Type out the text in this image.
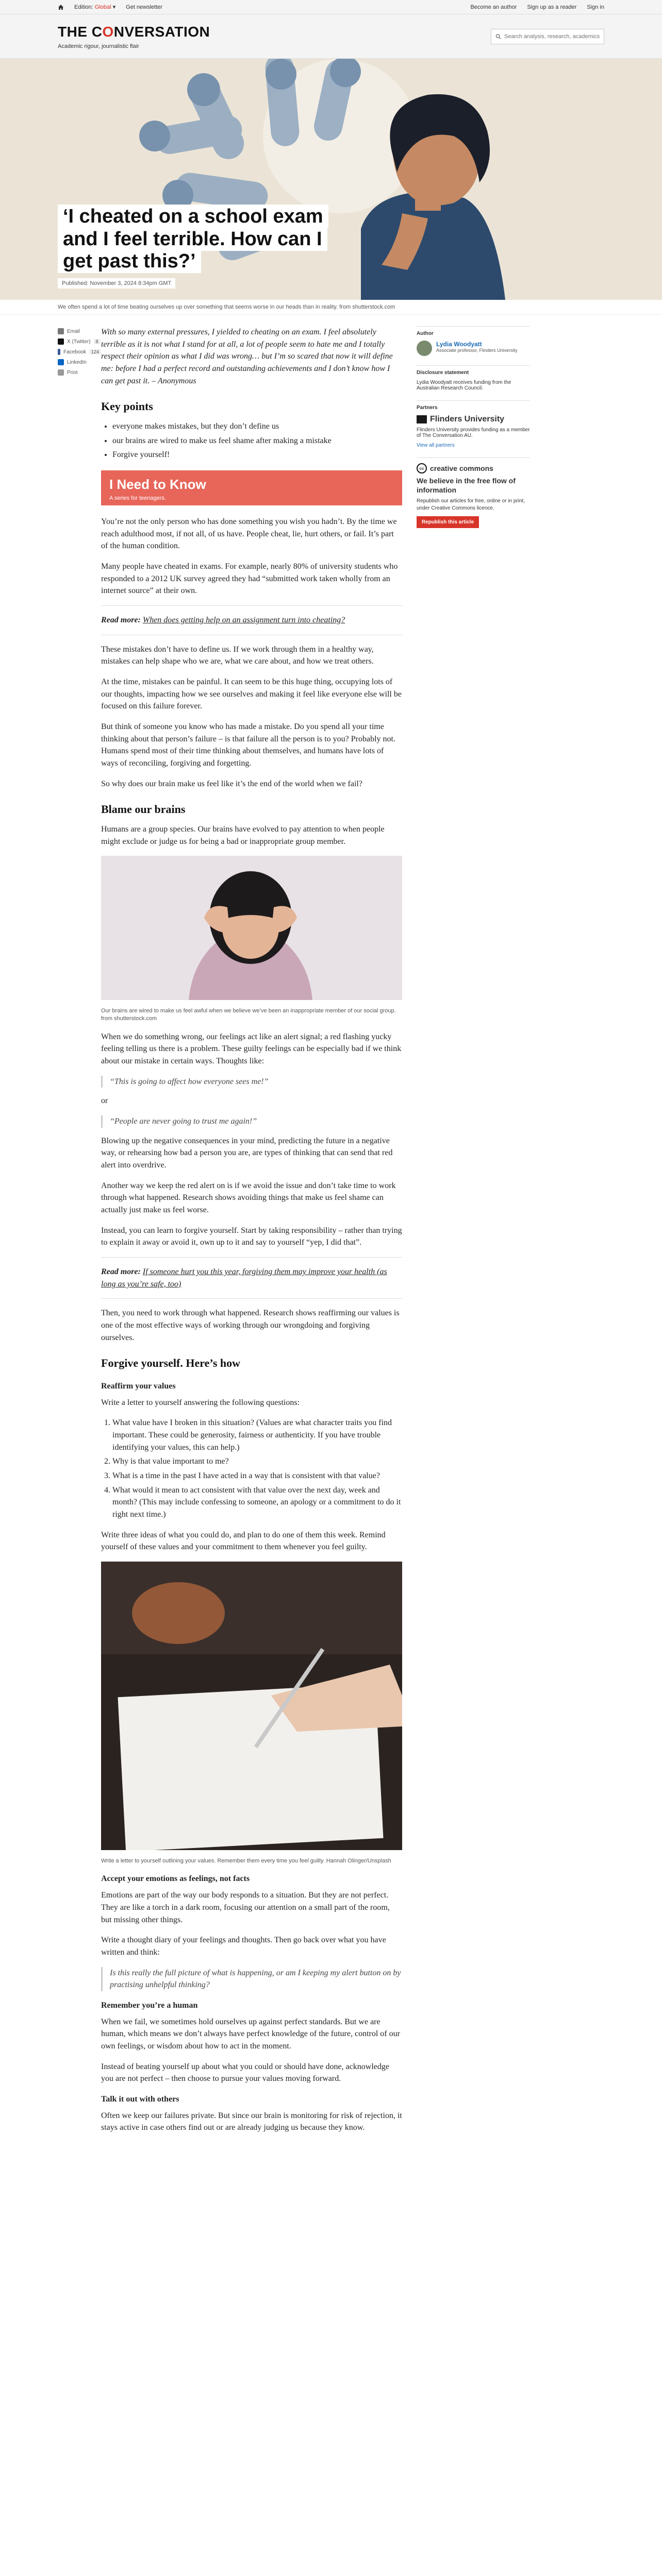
Edition: Global ▾ Get newsletter	Become an author Sign up as a reader Sign in
THE CONVERSATION
Academic rigour, journalistic flair
Search analysis, research, academics…
‘I cheated on a school exam and I feel terrible. How can I get past this?’
Published: November 3, 2024 8:34pm GMT
We often spend a lot of time beating ourselves up over something that seems worse in our heads than in reality. from shutterstock.com
Email
X (Twitter)	8
Facebook	124
LinkedIn
Print

With so many external pressures, I yielded to cheating on an exam. I feel absolutely terrible as it is not what I stand for at all, a lot of people seem to hate me and I totally respect their opinion as what I did was wrong… but I’m so scared that now it will define me: before I had a perfect record and outstanding achievements and I don’t know how I can get past it. – Anonymous

Key points
• everyone makes mistakes, but they don’t define us
• our brains are wired to make us feel shame after making a mistake
• Forgive yourself!
I Need to Know
A series for teenagers.

You’re not the only person who has done something you wish you hadn’t. By the time we reach adulthood most, if not all, of us have. People cheat, lie, hurt others, or fail. It’s part of the human condition.

Many people have cheated in exams. For example, nearly 80% of university students who responded to a 2012 UK survey agreed they had “submitted work taken wholly from an internet source” at their own.

Read more: When does getting help on an assignment turn into cheating?

These mistakes don’t have to define us. If we work through them in a healthy way, mistakes can help shape who we are, what we care about, and how we treat others.

At the time, mistakes can be painful. It can seem to be this huge thing, occupying lots of our thoughts, impacting how we see ourselves and making it feel like everyone else will be focused on this failure forever.

But think of someone you know who has made a mistake. Do you spend all your time thinking about that person’s failure – is that failure all the person is to you? Probably not. Humans spend most of their time thinking about themselves, and humans have lots of ways of reconciling, forgiving and forgetting.

So why does our brain make us feel like it’s the end of the world when we fail?

Blame our brains

Humans are a group species. Our brains have evolved to pay attention to when people might exclude or judge us for being a bad or inappropriate group member.

Our brains are wired to make us feel awful when we believe we’ve been an inappropriate member of our social group. from shutterstock.com

When we do something wrong, our feelings act like an alert signal; a red flashing yucky feeling telling us there is a problem. These guilty feelings can be especially bad if we think about our mistake in certain ways. Thoughts like:

“This is going to affect how everyone sees me!”

or

“People are never going to trust me again!”

Blowing up the negative consequences in your mind, predicting the future in a negative way, or rehearsing how bad a person you are, are types of thinking that can send that red alert into overdrive.

Another way we keep the red alert on is if we avoid the issue and don’t take time to work through what happened. Research shows avoiding things that make us feel shame can actually just make us feel worse.

Instead, you can learn to forgive yourself. Start by taking responsibility – rather than trying to explain it away or avoid it, own up to it and say to yourself “yep, I did that”.

Read more: If someone hurt you this year, forgiving them may improve your health (as long as you’re safe, too)

Then, you need to work through what happened. Research shows reaffirming our values is one of the most effective ways of working through our wrongdoing and forgiving ourselves.

Forgive yourself. Here’s how
Reaffirm your values

Write a letter to yourself answering the following questions:

1. What value have I broken in this situation? (Values are what character traits you find important. These could be generosity, fairness or authenticity. If you have trouble identifying your values, this can help.)
2. Why is that value important to me?
3. What is a time in the past I have acted in a way that is consistent with that value?
4. What would it mean to act consistent with that value over the next day, week and month? (This may include confessing to someone, an apology or a commitment to do it right next time.)

Write three ideas of what you could do, and plan to do one of them this week. Remind yourself of these values and your commitment to them whenever you feel guilty.

Write a letter to yourself outlining your values. Remember them every time you feel guilty. Hannah Olinger/Unsplash
Accept your emotions as feelings, not facts

Emotions are part of the way our body responds to a situation. But they are not perfect. They are like a torch in a dark room, focusing our attention on a small part of the room, but missing other things.

Write a thought diary of your feelings and thoughts. Then go back over what you have written and think:

Is this really the full picture of what is happening, or am I keeping my alert button on by practising unhelpful thinking?
Remember you’re a human

When we fail, we sometimes hold ourselves up against perfect standards. But we are human, which means we don’t always have perfect knowledge of the future, control of our own feelings, or wisdom about how to act in the moment.

Instead of beating yourself up about what you could or should have done, acknowledge you are not perfect – then choose to pursue your values moving forward.

Talk it out with others

Often we keep our failures private. But since our brain is monitoring for risk of rejection, it stays active in case others find out or are already judging us because they know.

Author
Lydia Woodyatt
Associate professor, Flinders University
Disclosure statement
Lydia Woodyatt receives funding from the Australian Research Council.
Partners
Flinders University
Flinders University provides funding as a member of The Conversation AU.
View all partners
cc creative commons
We believe in the free flow of information
Republish our articles for free, online or in print, under Creative Commons licence.
Republish this article
